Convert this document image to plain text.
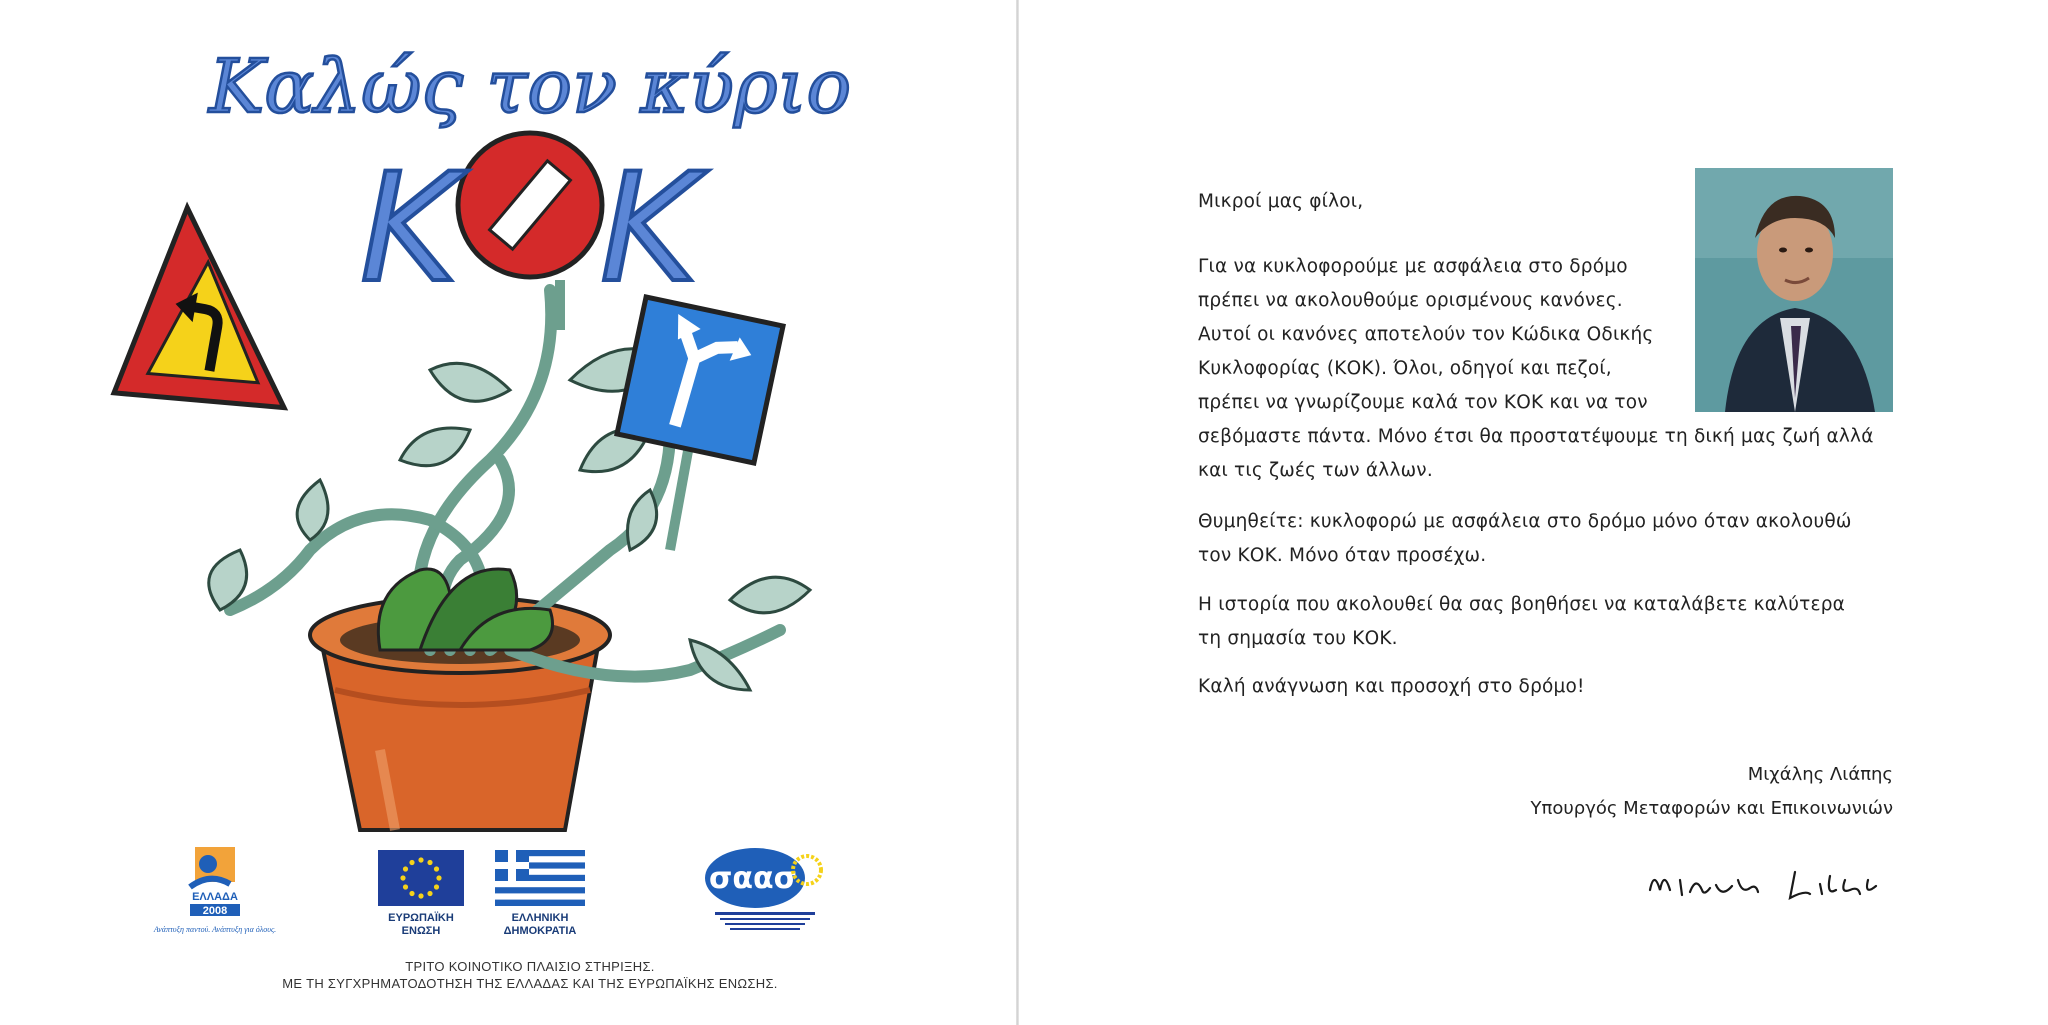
Καλώς τον κύριο
Κ Κ
ΚΟΚ
ΕΛΛΑΔΑ
2008
Ανάπτυξη παντού. Ανάπτυξη για όλους.
ΕΥΡΩΠΑΪΚΗ
ΕΝΩΣΗ
ΕΛΛΗΝΙΚΗ
ΔΗΜΟΚΡΑΤΙΑ
σαασ
ΤΡΙΤΟ ΚΟΙΝΟΤΙΚΟ ΠΛΑΙΣΙΟ ΣΤΗΡΙΞΗΣ.
ΜΕ ΤΗ ΣΥΓΧΡΗΜΑΤΟΔΟΤΗΣΗ ΤΗΣ ΕΛΛΑΔΑΣ ΚΑΙ ΤΗΣ ΕΥΡΩΠΑΪΚΗΣ ΕΝΩΣΗΣ.
Μικροί μας φίλοι,
Για να κυκλοφορούμε με ασφάλεια στο δρόμο
πρέπει να ακολουθούμε ορισμένους κανόνες.
Αυτοί οι κανόνες αποτελούν τον Κώδικα Οδικής
Κυκλοφορίας (ΚΟΚ). Όλοι, οδηγοί και πεζοί,
πρέπει να γνωρίζουμε καλά τον ΚΟΚ και να τον
σεβόμαστε πάντα. Μόνο έτσι θα προστατέψουμε τη δική μας ζωή αλλά
και τις ζωές των άλλων.
Θυμηθείτε: κυκλοφορώ με ασφάλεια στο δρόμο μόνο όταν ακολουθώ
τον ΚΟΚ. Μόνο όταν προσέχω.
Η ιστορία που ακολουθεί θα σας βοηθήσει να καταλάβετε καλύτερα
τη σημασία του ΚΟΚ.
Καλή ανάγνωση και προσοχή στο δρόμο!
Μιχάλης Λιάπης
Υπουργός Μεταφορών και Επικοινωνιών
